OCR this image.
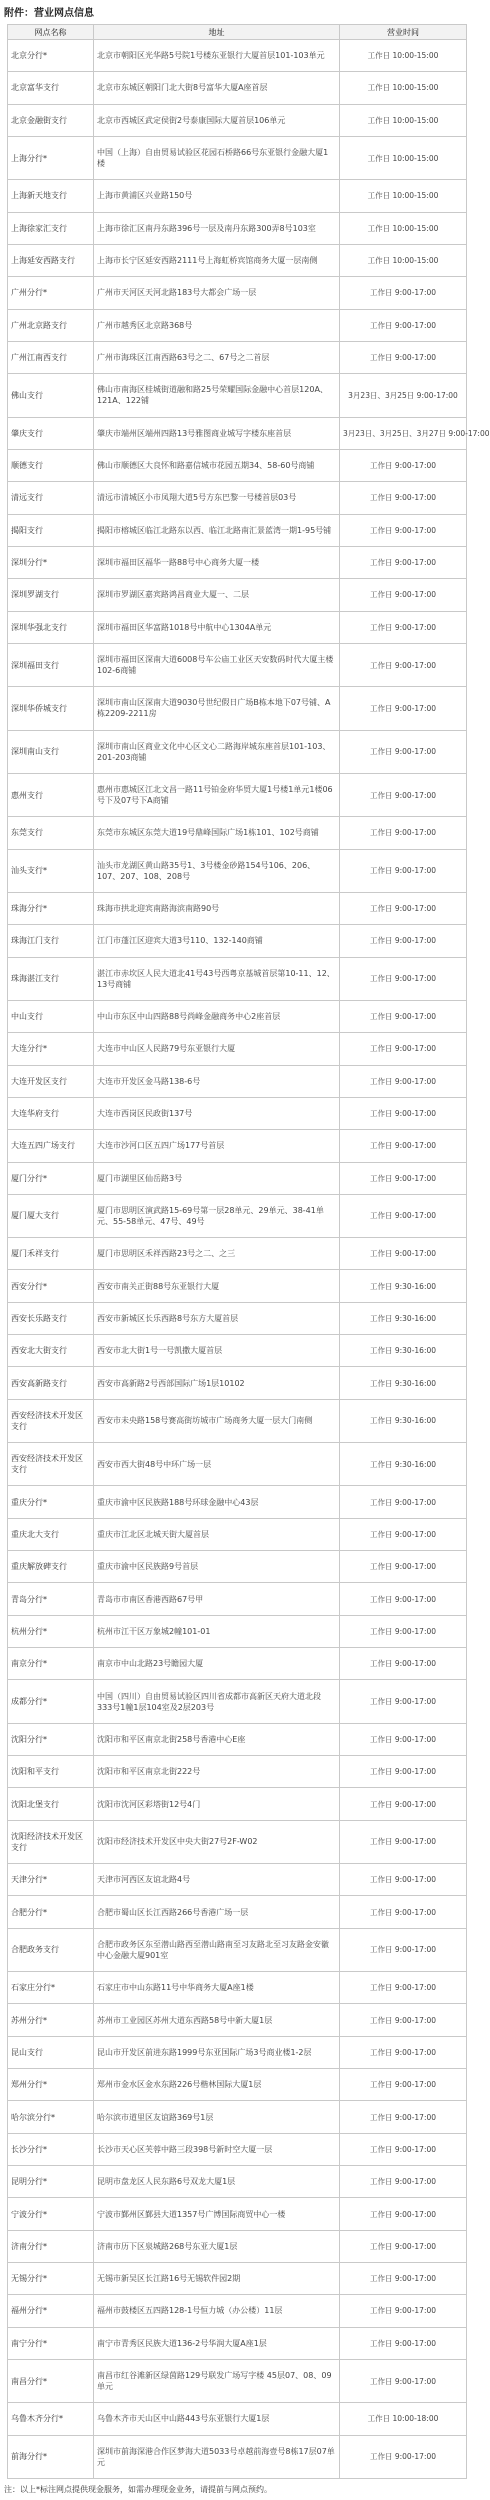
附件：营业网点信息
网点名称	地址	营业时间
北京分行*	北京市朝阳区光华路5号院1号楼东亚银行大厦首层101-103单元	工作日 10:00-15:00
北京富华支行	北京市东城区朝阳门北大街8号富华大厦A座首层	工作日 10:00-15:00
北京金融街支行	北京市西城区武定侯街2号泰康国际大厦首层106单元	工作日 10:00-15:00
上海分行*	中国（上海）自由贸易试验区花园石桥路66号东亚银行金融大厦1楼	工作日 10:00-15:00
上海新天地支行	上海市黄浦区兴业路150号	工作日 10:00-15:00
上海徐家汇支行	上海市徐汇区南丹东路396号一层及南丹东路300弄8号103室	工作日 10:00-15:00
上海延安西路支行	上海市长宁区延安西路2111号上海虹桥宾馆商务大厦一层南侧	工作日 10:00-15:00
广州分行*	广州市天河区天河北路183号大都会广场一层	工作日 9:00-17:00
广州北京路支行	广州市越秀区北京路368号	工作日 9:00-17:00
广州江南西支行	广州市海珠区江南西路63号之二、67号之二首层	工作日 9:00-17:00
佛山支行	佛山市南海区桂城街道融和路25号荣耀国际金融中心首层120A、121A、122铺	3月23日、3月25日 9:00-17:00
肇庆支行	肇庆市端州区端州四路13号雅图商业城写字楼东座首层	3月23日、3月25日、3月27日 9:00-17:00
顺德支行	佛山市顺德区大良怀和路嘉信城市花园五期34、58-60号商铺	工作日 9:00-17:00
清远支行	清远市清城区小市凤翔大道5号方东巴黎一号楼首层03号	工作日 9:00-17:00
揭阳支行	揭阳市榕城区临江北路东以西、临江北路南汇景蓝湾一期1-95号铺	工作日 9:00-17:00
深圳分行*	深圳市福田区福华一路88号中心商务大厦一楼	工作日 9:00-17:00
深圳罗湖支行	深圳市罗湖区嘉宾路鸿昌商业大厦一、二层	工作日 9:00-17:00
深圳华强北支行	深圳市福田区华富路1018号中航中心1304A单元	工作日 9:00-17:00
深圳福田支行	深圳市福田区深南大道6008号车公庙工业区天安数码时代大厦主楼102-6商铺	工作日 9:00-17:00
深圳华侨城支行	深圳市南山区深南大道9030号世纪假日广场B栋本地下07号铺、A栋2209-2211房	工作日 9:00-17:00
深圳南山支行	深圳市南山区商业文化中心区文心二路海岸城东座首层101-103、201-203商铺	工作日 9:00-17:00
惠州支行	惠州市惠城区江北文昌一路11号铂金府华贸大厦1号楼1单元1楼06号下及07号下A商铺	工作日 9:00-17:00
东莞支行	东莞市东城区东莞大道19号鼎峰国际广场1栋101、102号商铺	工作日 9:00-17:00
汕头支行*	汕头市龙湖区黄山路35号1、3号楼金砂路154号106、206、107、207、108、208号	工作日 9:00-17:00
珠海分行*	珠海市拱北迎宾南路海滨南路90号	工作日 9:00-17:00
珠海江门支行	江门市蓬江区迎宾大道3号110、132-140商铺	工作日 9:00-17:00
珠海湛江支行	湛江市赤坎区人民大道北41号43号西粤京基城首层第10-11、12、13号商铺	工作日 9:00-17:00
中山支行	中山市东区中山四路88号尚峰金融商务中心2座首层	工作日 9:00-17:00
大连分行*	大连市中山区人民路79号东亚银行大厦	工作日 9:00-17:00
大连开发区支行	大连市开发区金马路138-6号	工作日 9:00-17:00
大连华府支行	大连市西岗区民政街137号	工作日 9:00-17:00
大连五四广场支行	大连市沙河口区五四广场177号首层	工作日 9:00-17:00
厦门分行*	厦门市湖里区仙岳路3号	工作日 9:00-17:00
厦门厦大支行	厦门市思明区演武路15-69号第一层28单元、29单元、38-41单元、55-58单元、47号、49号	工作日 9:00-17:00
厦门禾祥支行	厦门市思明区禾祥西路23号之二、之三	工作日 9:00-17:00
西安分行*	西安市南关正街88号东亚银行大厦	工作日 9:30-16:00
西安长乐路支行	西安市新城区长乐西路8号东方大厦首层	工作日 9:30-16:00
西安北大街支行	西安市北大街1号一号凯撒大厦首层	工作日 9:30-16:00
西安高新路支行	西安市高新路2号西部国际广场1层10102	工作日 9:30-16:00
西安经济技术开发区支行	西安市未央路158号赛高街坊城市广场商务大厦一层大门南侧	工作日 9:30-16:00
西安经济技术开发区支行	西安市西大街48号中环广场一层	工作日 9:30-16:00
重庆分行*	重庆市渝中区民族路188号环球金融中心43层	工作日 9:00-17:00
重庆北大支行	重庆市江北区北城天街大厦首层	工作日 9:00-17:00
重庆解放碑支行	重庆市渝中区民族路9号首层	工作日 9:00-17:00
青岛分行*	青岛市市南区香港西路67号甲	工作日 9:00-17:00
杭州分行*	杭州市江干区万象城2幢101-01	工作日 9:00-17:00
南京分行*	南京市中山北路23号瞻园大厦	工作日 9:00-17:00
成都分行*	中国（四川）自由贸易试验区四川省成都市高新区天府大道北段 333号1幢1层104室及2层203号	工作日 9:00-17:00
沈阳分行*	沈阳市和平区南京北街258号香港中心E座	工作日 9:00-17:00
沈阳和平支行	沈阳市和平区南京北街222号	工作日 9:00-17:00
沈阳北堡支行	沈阳市沈河区彩塔街12号4门	工作日 9:00-17:00
沈阳经济技术开发区支行	沈阳市经济技术开发区中央大街27号2F-W02	工作日 9:00-17:00
天津分行*	天津市河西区友谊北路4号	工作日 9:00-17:00
合肥分行*	合肥市蜀山区长江西路266号香港广场一层	工作日 9:00-17:00
合肥政务支行	合肥市政务区东至潜山路西至潜山路南至习友路北至习友路金安徽中心金融大厦901室	工作日 9:00-17:00
石家庄分行*	石家庄市中山东路11号中华商务大厦A座1楼	工作日 9:00-17:00
苏州分行*	苏州市工业园区苏州大道东西路58号中新大厦1层	工作日 9:00-17:00
昆山支行	昆山市开发区前进东路1999号东亚国际广场3号商业楼1-2层	工作日 9:00-17:00
郑州分行*	郑州市金水区金水东路226号楷林国际大厦1层	工作日 9:00-17:00
哈尔滨分行*	哈尔滨市道里区友谊路369号1层	工作日 9:00-17:00
长沙分行*	长沙市天心区芙蓉中路三段398号新时空大厦一层	工作日 9:00-17:00
昆明分行*	昆明市盘龙区人民东路6号双龙大厦1层	工作日 9:00-17:00
宁波分行*	宁波市鄞州区鄞县大道1357号广博国际商贸中心一楼	工作日 9:00-17:00
济南分行*	济南市历下区泉城路268号东亚大厦1层	工作日 9:00-17:00
无锡分行*	无锡市新吴区长江路16号无锡软件园2期	工作日 9:00-17:00
福州分行*	福州市鼓楼区五四路128-1号恒力城（办公楼）11层	工作日 9:00-17:00
南宁分行*	南宁市青秀区民族大道136-2号华润大厦A座1层	工作日 9:00-17:00
南昌分行*	南昌市红谷滩新区绿茵路129号联发广场写字楼 45层07、08、09单元	工作日 9:00-17:00
乌鲁木齐分行*	乌鲁木齐市天山区中山路443号东亚银行大厦1层	工作日 10:00-18:00
前海分行*	深圳市前海深港合作区梦海大道5033号卓越前海壹号8栋17层07单元	工作日 9:00-17:00
注：以上*标注网点提供现金服务，如需办理现金业务，请提前与网点预约。
